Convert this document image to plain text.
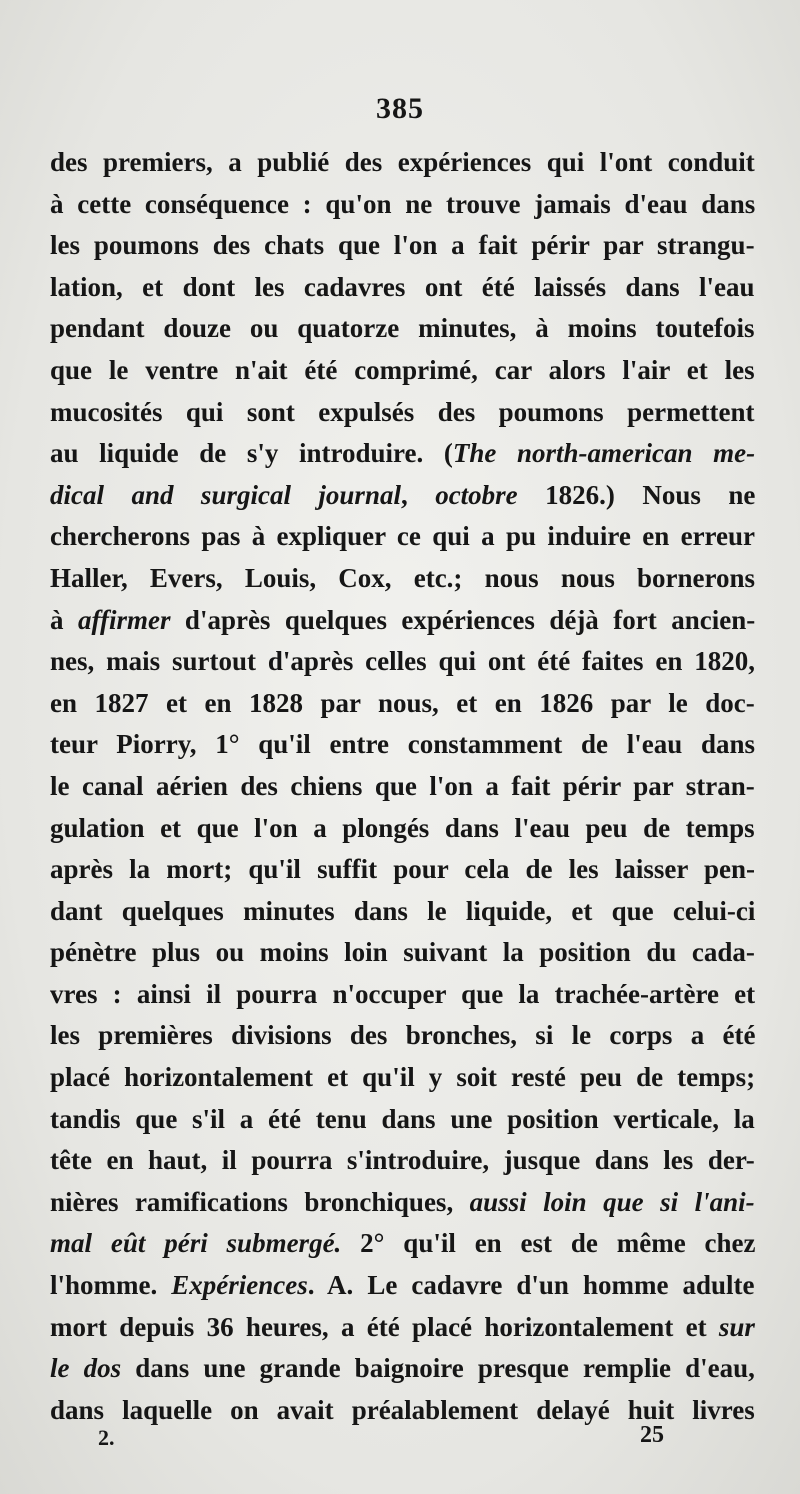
385
des premiers, a publié des expériences qui l'ont conduit
à cette conséquence : qu'on ne trouve jamais d'eau dans
les poumons des chats que l'on a fait périr par strangu-
lation, et dont les cadavres ont été laissés dans l'eau
pendant douze ou quatorze minutes, à moins toutefois
que le ventre n'ait été comprimé, car alors l'air et les
mucosités qui sont expulsés des poumons permettent
au liquide de s'y introduire. (The north-american me-
dical and surgical journal, octobre 1826.) Nous ne
chercherons pas à expliquer ce qui a pu induire en erreur
Haller, Evers, Louis, Cox, etc.; nous nous bornerons
à affirmer d'après quelques expériences déjà fort ancien-
nes, mais surtout d'après celles qui ont été faites en 1820,
en 1827 et en 1828 par nous, et en 1826 par le doc-
teur Piorry, 1° qu'il entre constamment de l'eau dans
le canal aérien des chiens que l'on a fait périr par stran-
gulation et que l'on a plongés dans l'eau peu de temps
après la mort; qu'il suffit pour cela de les laisser pen-
dant quelques minutes dans le liquide, et que celui-ci
pénètre plus ou moins loin suivant la position du cada-
vres : ainsi il pourra n'occuper que la trachée-artère et
les premières divisions des bronches, si le corps a été
placé horizontalement et qu'il y soit resté peu de temps;
tandis que s'il a été tenu dans une position verticale, la
tête en haut, il pourra s'introduire, jusque dans les der-
nières ramifications bronchiques, aussi loin que si l'ani-
mal eût péri submergé. 2° qu'il en est de même chez
l'homme. Expériences. A. Le cadavre d'un homme adulte
mort depuis 36 heures, a été placé horizontalement et sur
le dos dans une grande baignoire presque remplie d'eau,
dans laquelle on avait préalablement delayé huit livres
2.	25
